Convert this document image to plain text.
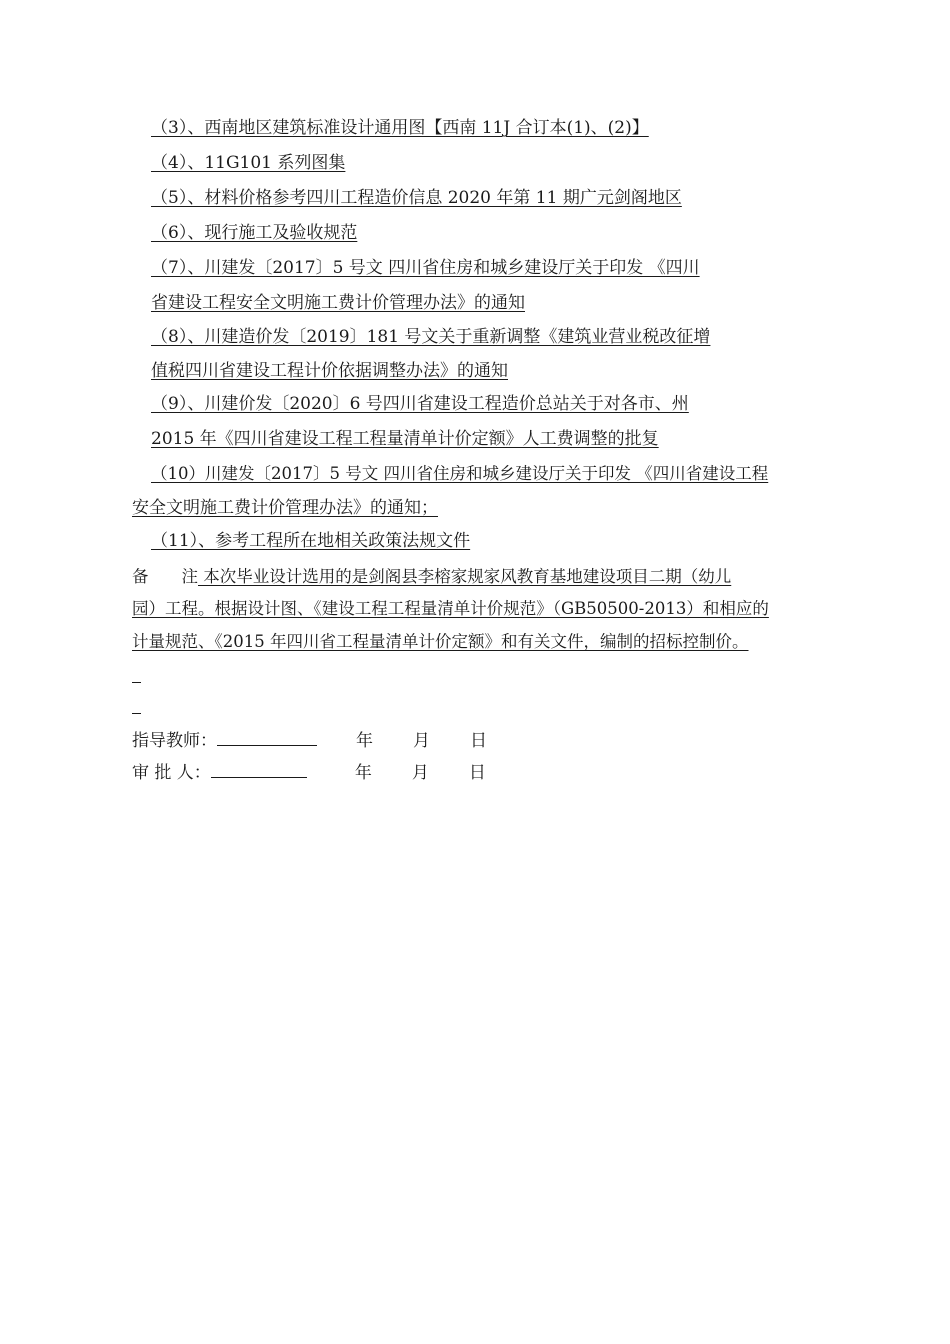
（3）、西南地区建筑标准设计通用图【西南 11J 合订本(1)、(2)】
（4）、11G101 系列图集
（5）、材料价格参考四川工程造价信息 2020 年第 11 期广元剑阁地区
（6）、现行施工及验收规范
（7）、川建发〔2017〕5 号文 四川省住房和城乡建设厅关于印发 《四川
省建设工程安全文明施工费计价管理办法》的通知
（8）、川建造价发〔2019〕181 号文关于重新调整《建筑业营业税改征增
值税四川省建设工程计价依据调整办法》的通知
（9）、川建价发〔2020〕6 号四川省建设工程造价总站关于对各市、州
2015 年《四川省建设工程工程量清单计价定额》人工费调整的批复
（10）川建发〔2017〕5 号文 四川省住房和城乡建设厅关于印发 《四川省建设工程
安全文明施工费计价管理办法》的通知；
（11）、参考工程所在地相关政策法规文件
备　　注 本次毕业设计选用的是剑阁县李榕家规家风教育基地建设项目二期（幼儿
园）工程。根据设计图、《建设工程工程量清单计价规范》（GB50500-2013）和相应的
计量规范、《2015 年四川省工程量清单计价定额》和有关文件，编制的招标控制价。
指导教师：	年 月 日
审 批 人：	年 月 日
